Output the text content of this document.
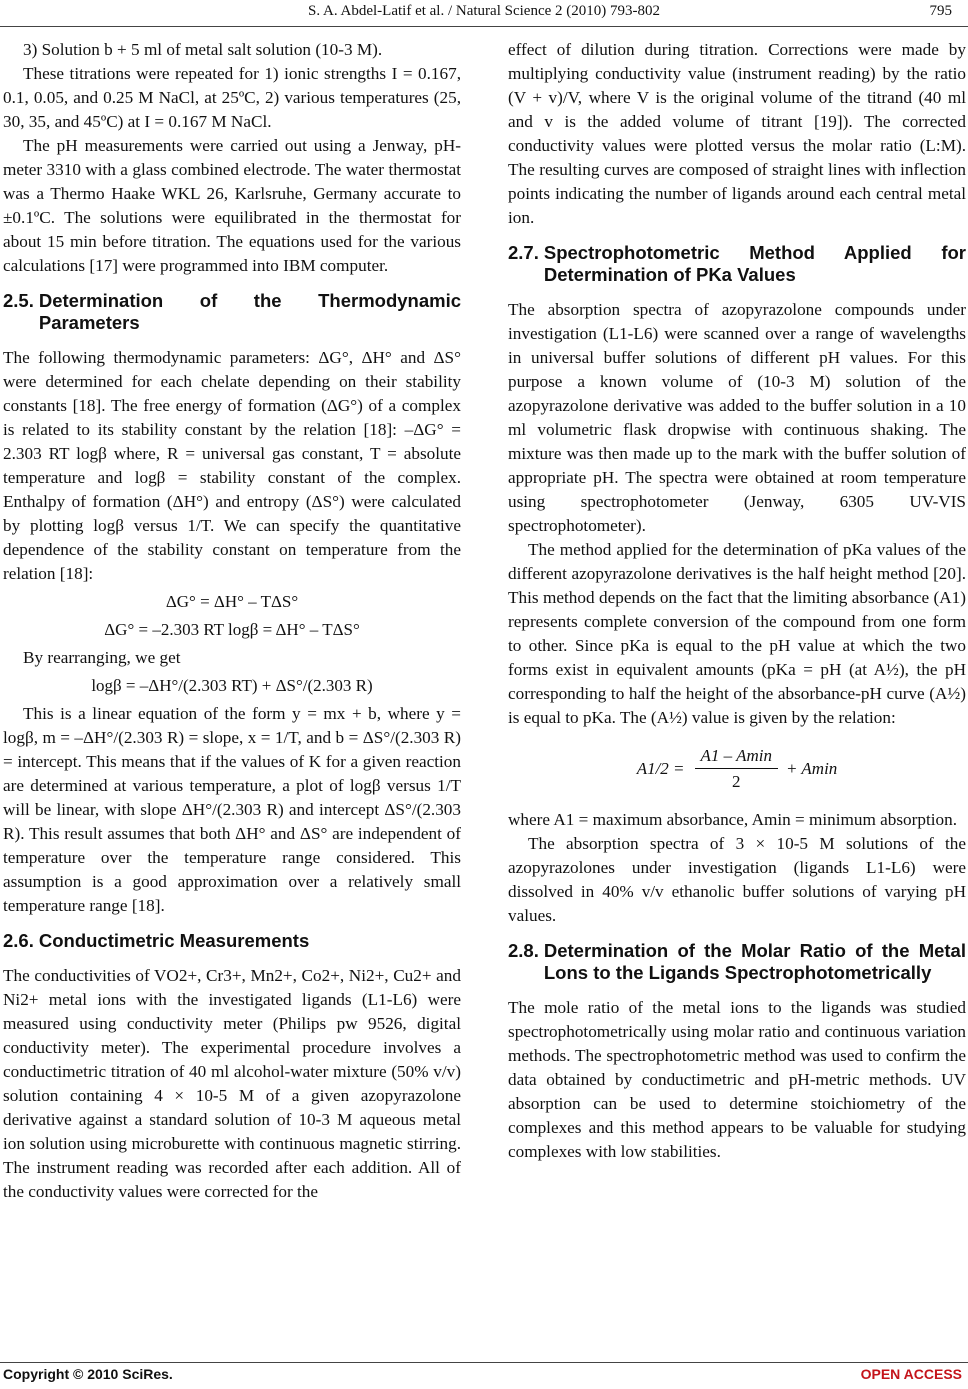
S. A. Abdel-Latif et al. / Natural Science 2 (2010) 793-802	795

3) Solution b + 5 ml of metal salt solution (10-3 M).

These titrations were repeated for 1) ionic strengths I = 0.167, 0.1, 0.05, and 0.25 M NaCl, at 25ºC, 2) various temperatures (25, 30, 35, and 45ºC) at I = 0.167 M NaCl.

The pH measurements were carried out using a Jenway, pH-meter 3310 with a glass combined electrode. The water thermostat was a Thermo Haake WKL 26, Karlsruhe, Germany accurate to ±0.1ºC. The solutions were equilibrated in the thermostat for about 15 min before titration. The equations used for the various calculations [17] were programmed into IBM computer.

2.5. Determination of the Thermodynamic Parameters

The following thermodynamic parameters: ΔG°, ΔH° and ΔS° were determined for each chelate depending on their stability constants [18]. The free energy of formation (ΔG°) of a complex is related to its stability constant by the relation [18]: –ΔG° = 2.303 RT logβ where, R = universal gas constant, T = absolute temperature and logβ = stability constant of the complex. Enthalpy of formation (ΔH°) and entropy (ΔS°) were calculated by plotting logβ versus 1/T. We can specify the quantitative dependence of the stability constant on temperature from the relation [18]:

ΔG° = ΔH° – TΔS°

ΔG° = –2.303 RT logβ = ΔH° – TΔS°

By rearranging, we get

logβ = –ΔH°/(2.303 RT) + ΔS°/(2.303 R)

This is a linear equation of the form y = mx + b, where y = logβ, m = –ΔH°/(2.303 R) = slope, x = 1/T, and b = ΔS°/(2.303 R) = intercept. This means that if the values of K for a given reaction are determined at various temperature, a plot of logβ versus 1/T will be linear, with slope ΔH°/(2.303 R) and intercept ΔS°/(2.303 R). This result assumes that both ΔH° and ΔS° are independent of temperature over the temperature range considered. This assumption is a good approximation over a relatively small temperature range [18].

2.6. Conductimetric Measurements

The conductivities of VO2+, Cr3+, Mn2+, Co2+, Ni2+, Cu2+ and Ni2+ metal ions with the investigated ligands (L1-L6) were measured using conductivity meter (Philips pw 9526, digital conductivity meter). The experimental procedure involves a conductimetric titration of 40 ml alcohol-water mixture (50% v/v) solution containing 4 × 10-5 M of a given azopyrazolone derivative against a standard solution of 10-3 M aqueous metal ion solution using microburette with continuous magnetic stirring. The instrument reading was recorded after each addition. All of the conductivity values were corrected for the

effect of dilution during titration. Corrections were made by multiplying conductivity value (instrument reading) by the ratio (V + v)/V, where V is the original volume of the titrand (40 ml and v is the added volume of titrant [19]). The corrected conductivity values were plotted versus the molar ratio (L:M). The resulting curves are composed of straight lines with inflection points indicating the number of ligands around each central metal ion.

2.7. Spectrophotometric Method Applied for Determination of PKa Values

The absorption spectra of azopyrazolone compounds under investigation (L1-L6) were scanned over a range of wavelengths in universal buffer solutions of different pH values. For this purpose a known volume of (10-3 M) solution of the azopyrazolone derivative was added to the buffer solution in a 10 ml volumetric flask dropwise with continuous shaking. The mixture was then made up to the mark with the buffer solution of appropriate pH. The spectra were obtained at room temperature using spectrophotometer (Jenway, 6305 UV-VIS spectrophotometer).

The method applied for the determination of pKa values of the different azopyrazolone derivatives is the half height method [20]. This method depends on the fact that the limiting absorbance (A1) represents complete conversion of the compound from one form to other. Since pKa is equal to the pH value at which the two forms exist in equivalent amounts (pKa = pH (at A½), the pH corresponding to half the height of the absorbance-pH curve (A½) is equal to pKa. The (A½) value is given by the relation:

$A1/2 = \frac{A1 - Amin}{2} + Amin$

where A1 = maximum absorbance, Amin = minimum absorption.

The absorption spectra of 3 × 10-5 M solutions of the azopyrazolones under investigation (ligands L1-L6) were dissolved in 40% v/v ethanolic buffer solutions of varying pH values.

2.8. Determination of the Molar Ratio of the Metal Lons to the Ligands Spectrophotometrically

The mole ratio of the metal ions to the ligands was studied spectrophotometrically using molar ratio and continuous variation methods. The spectrophotometric method was used to confirm the data obtained by conductimetric and pH-metric methods. UV absorption can be used to determine stoichiometry of the complexes and this method appears to be valuable for studying complexes with low stabilities.

Copyright © 2010 SciRes.	OPEN ACCESS
